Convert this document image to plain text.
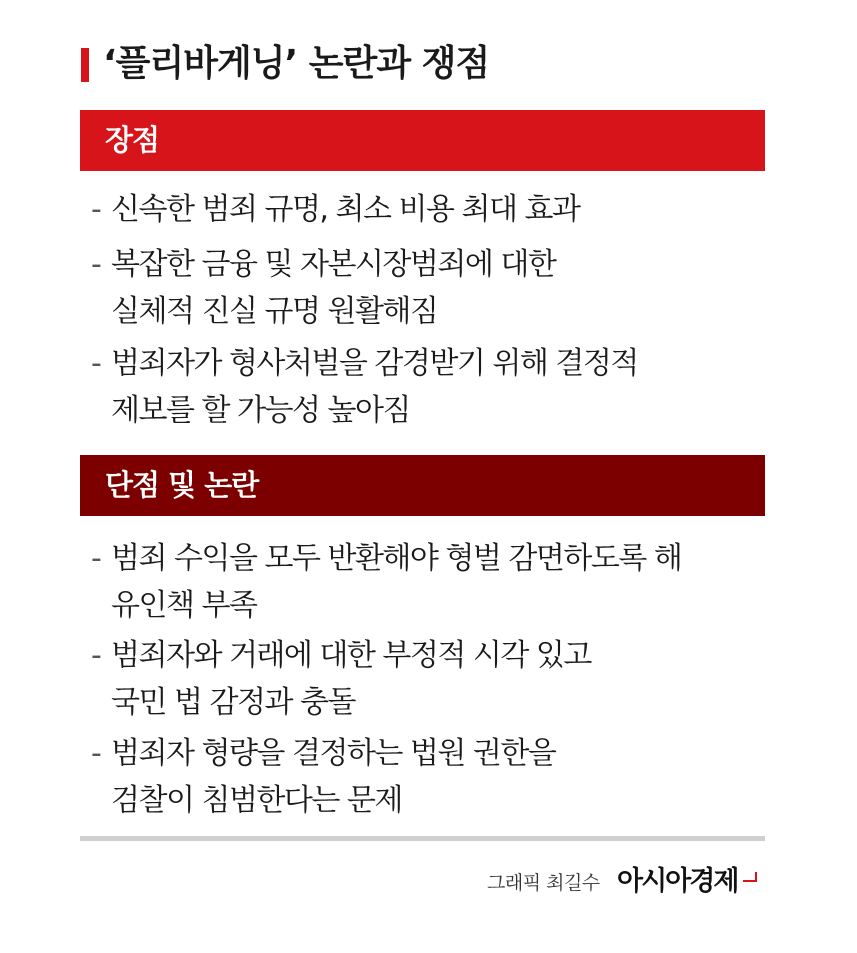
‘플리바게닝’ 논란과 쟁점
장점
- 신속한 범죄 규명, 최소 비용 최대 효과
- 복잡한 금융 및 자본시장범죄에 대한
실체적 진실 규명 원활해짐
- 범죄자가 형사처벌을 감경받기 위해 결정적
제보를 할 가능성 높아짐
단점 및 논란
- 범죄 수익을 모두 반환해야 형벌 감면하도록 해
유인책 부족
- 범죄자와 거래에 대한 부정적 시각 있고
국민 법 감정과 충돌
- 범죄자 형량을 결정하는 법원 권한을
검찰이 침범한다는 문제
그래픽 최길수 아시아경제
